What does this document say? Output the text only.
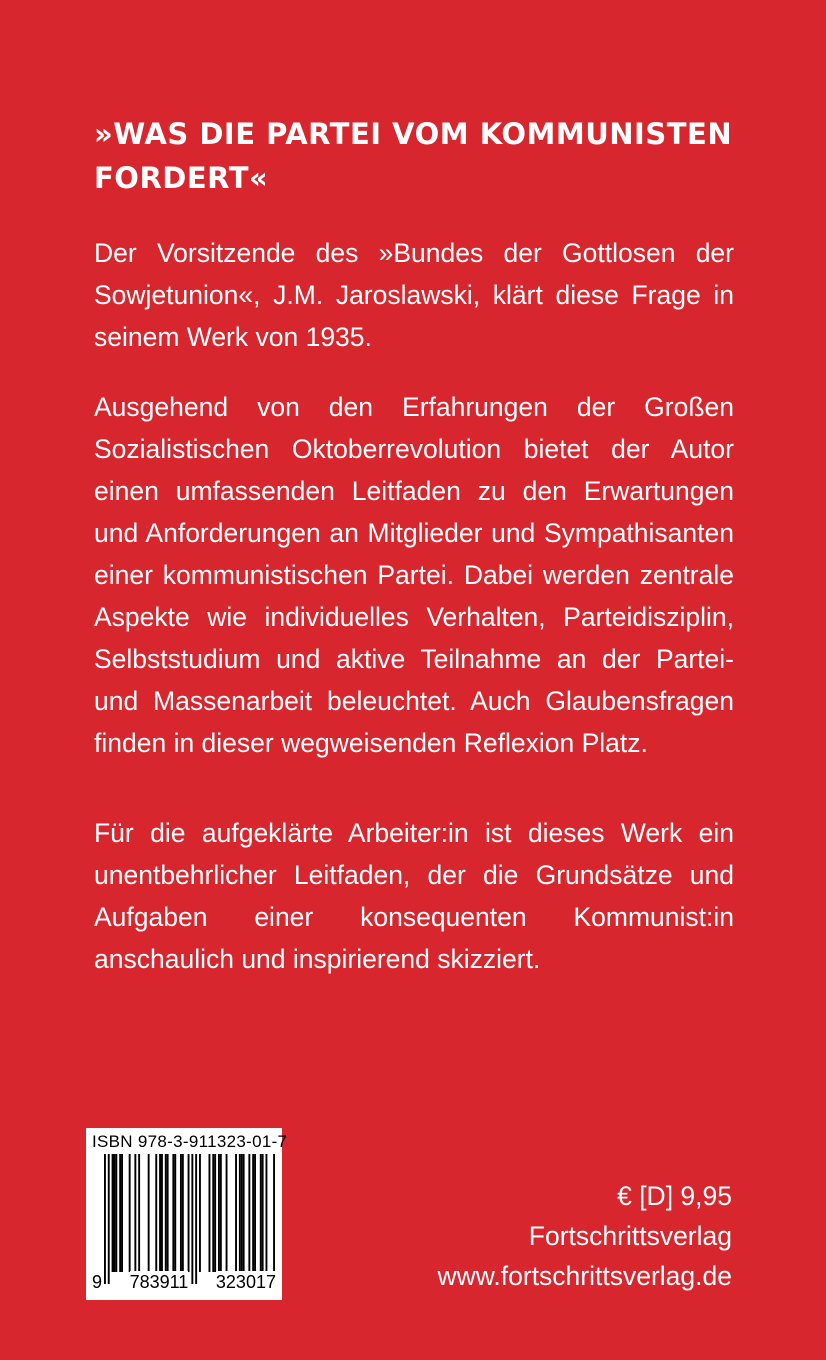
»WAS DIE PARTEI VOM KOMMUNISTEN FORDERT«

Der Vorsitzende des »Bundes der Gottlosen der Sowjetunion«, J.M. Jaroslawski, klärt diese Frage in seinem Werk von 1935.

Ausgehend von den Erfahrungen der Großen Sozialistischen Oktoberrevolution bietet der Autor einen umfassenden Leitfaden zu den Erwartungen und Anforderungen an Mitglieder und Sympathisanten einer kommunistischen Partei. Dabei werden zentrale Aspekte wie individuelles Verhalten, Parteidisziplin, Selbststudium und aktive Teilnahme an der Partei- und Massenarbeit beleuchtet. Auch Glaubensfragen finden in dieser wegweisenden Reflexion Platz.

Für die aufgeklärte Arbeiter:in ist dieses Werk ein unentbehrlicher Leitfaden, der die Grundsätze und Aufgaben einer konsequenten Kommunist:in anschaulich und inspirierend skizziert.

ISBN 978-3-911323-01-7
9 783911 323017
€ [D] 9,95
Fortschrittsverlag
www.fortschrittsverlag.de
